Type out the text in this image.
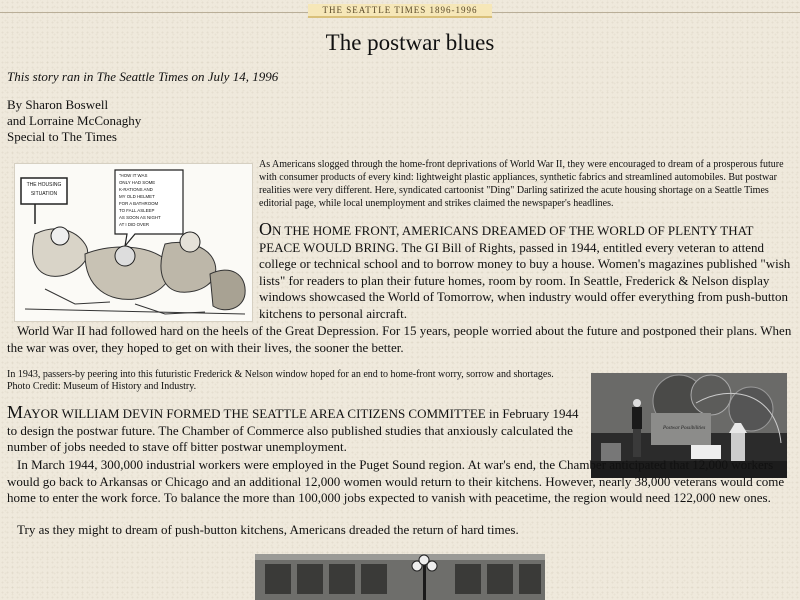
THE SEATTLE TIMES 1896-1996
The postwar blues
This story ran in The Seattle Times on July 14, 1996
By Sharon Boswell
and Lorraine McConaghy
Special to The Times
THE HOUSING
SITUATION
"HOW IT WAS
ONLY HAD SOME
K-RATIONS AND
MY OLD HELMET
FOR A BATHROOM
TO FALL ASLEEP
AS SOON AS NIGHT
AT I DID OVER

As Americans slogged through the home-front deprivations of World War II, they were encouraged to dream of a prosperous future with consumer products of every kind: lightweight plastic appliances, synthetic fabrics and streamlined automobiles. But postwar realities were very different. Here, syndicated cartoonist "Ding" Darling satirized the acute housing shortage on a Seattle Times editorial page, while local unemployment and strikes claimed the newspaper's headlines.

ON THE HOME FRONT, AMERICANS DREAMED OF THE WORLD OF PLENTY THAT PEACE WOULD BRING. The GI Bill of Rights, passed in 1944, entitled every veteran to attend college or technical school and to borrow money to buy a house. Women's magazines published "wish lists" for readers to plan their future homes, room by room. In Seattle, Frederick & Nelson display windows showcased the World of Tomorrow, when industry would offer everything from push-button kitchens to personal aircraft.

World War II had followed hard on the heels of the Great Depression. For 15 years, people worried about the future and postponed their plans. When the war was over, they hoped to get on with their lives, the sooner the better.

In 1943, passers-by peering into this futuristic Frederick & Nelson window hoped for an end to home-front worry, sorrow and shortages.
Photo Credit: Museum of History and Industry.
Postwar Possibilities

MAYOR WILLIAM DEVIN FORMED THE SEATTLE AREA CITIZENS COMMITTEE in February 1944 to design the postwar future. The Chamber of Commerce also published studies that anxiously calculated the number of jobs needed to stave off bitter postwar unemployment.

In March 1944, 300,000 industrial workers were employed in the Puget Sound region. At war's end, the Chamber anticipated that 12,000 workers would go back to Arkansas or Chicago and an additional 12,000 women would return to their kitchens. However, nearly 38,000 veterans would come home to enter the work force. To balance the more than 100,000 jobs expected to vanish with peacetime, the region would need 122,000 new ones.

Try as they might to dream of push-button kitchens, Americans dreaded the return of hard times.
